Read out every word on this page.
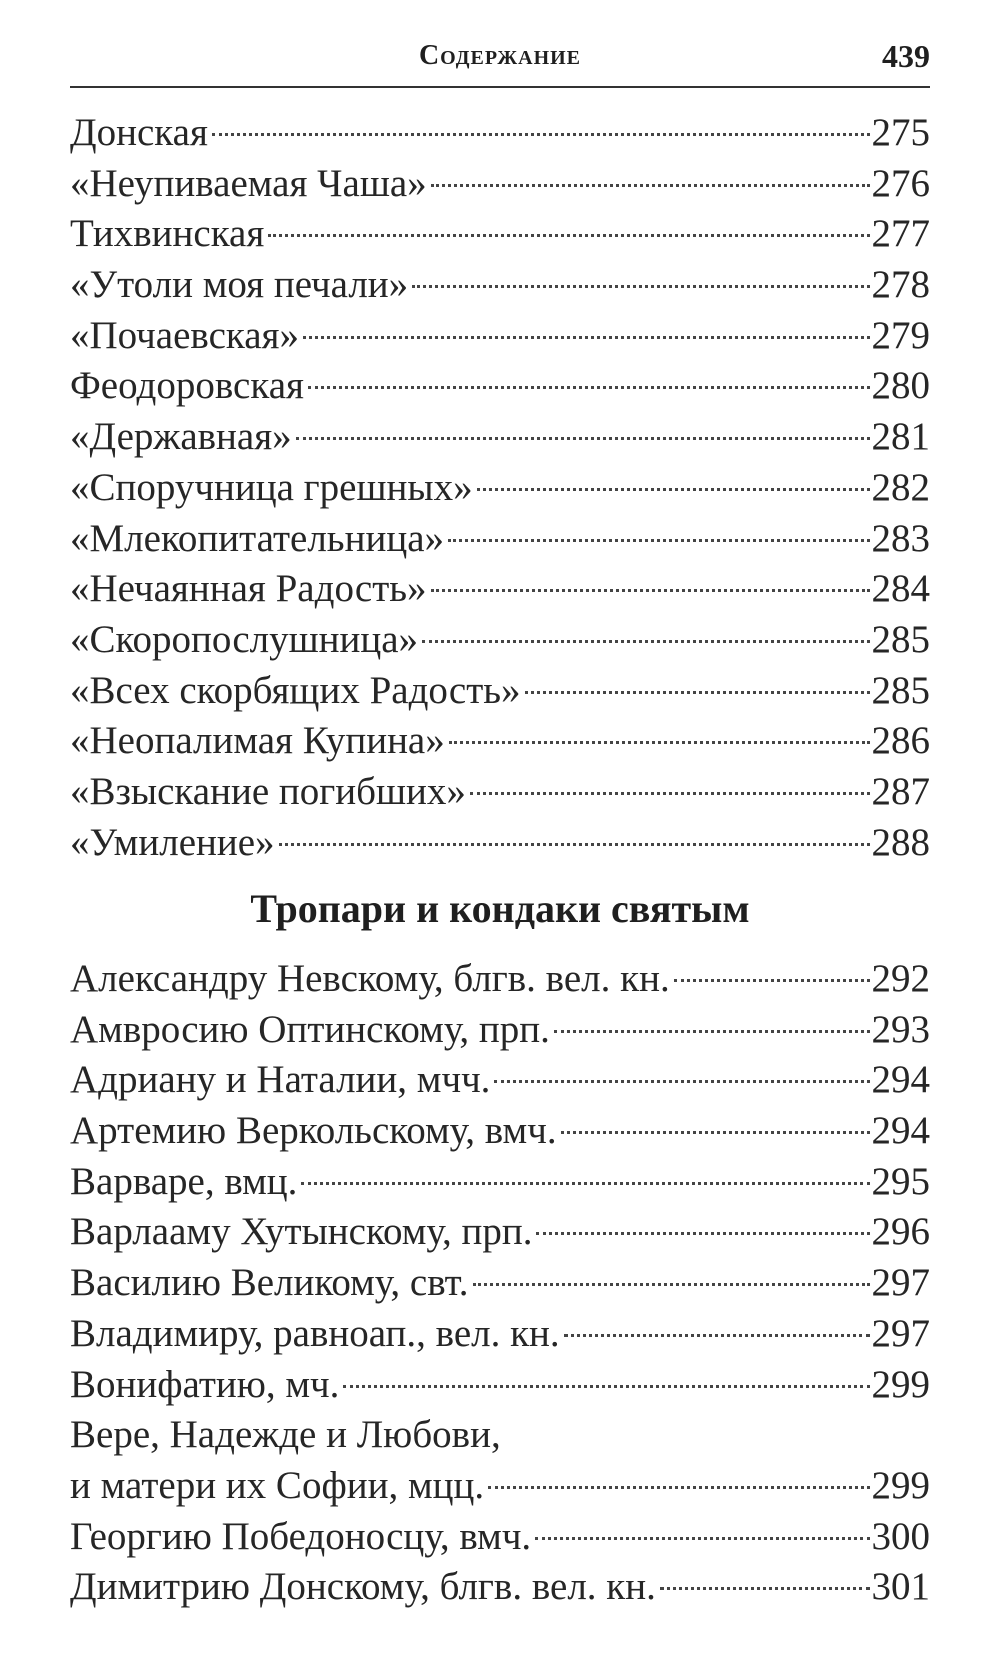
Содержание	439
Донская	275
«Неупиваемая Чаша»	276
Тихвинская	277
«Утоли моя печали»	278
«Почаевская»	279
Феодоровская	280
«Державная»	281
«Споручница грешных»	282
«Млекопитательница»	283
«Нечаянная Радость»	284
«Скоропослушница»	285
«Всех скорбящих Радость»	285
«Неопалимая Купина»	286
«Взыскание погибших»	287
«Умиление»	288
Тропари и кондаки святым
Александру Невскому, блгв. вел. кн.	292
Амвросию Оптинскому, прп.	293
Адриану и Наталии, мчч.	294
Артемию Веркольскому, вмч.	294
Варваре, вмц.	295
Варлааму Хутынскому, прп.	296
Василию Великому, свт.	297
Владимиру, равноап., вел. кн.	297
Вонифатию, мч.	299
Вере, Надежде и Любови,
и матери их Софии, мцц.	299
Георгию Победоносцу, вмч.	300
Димитрию Донскому, блгв. вел. кн.	301
